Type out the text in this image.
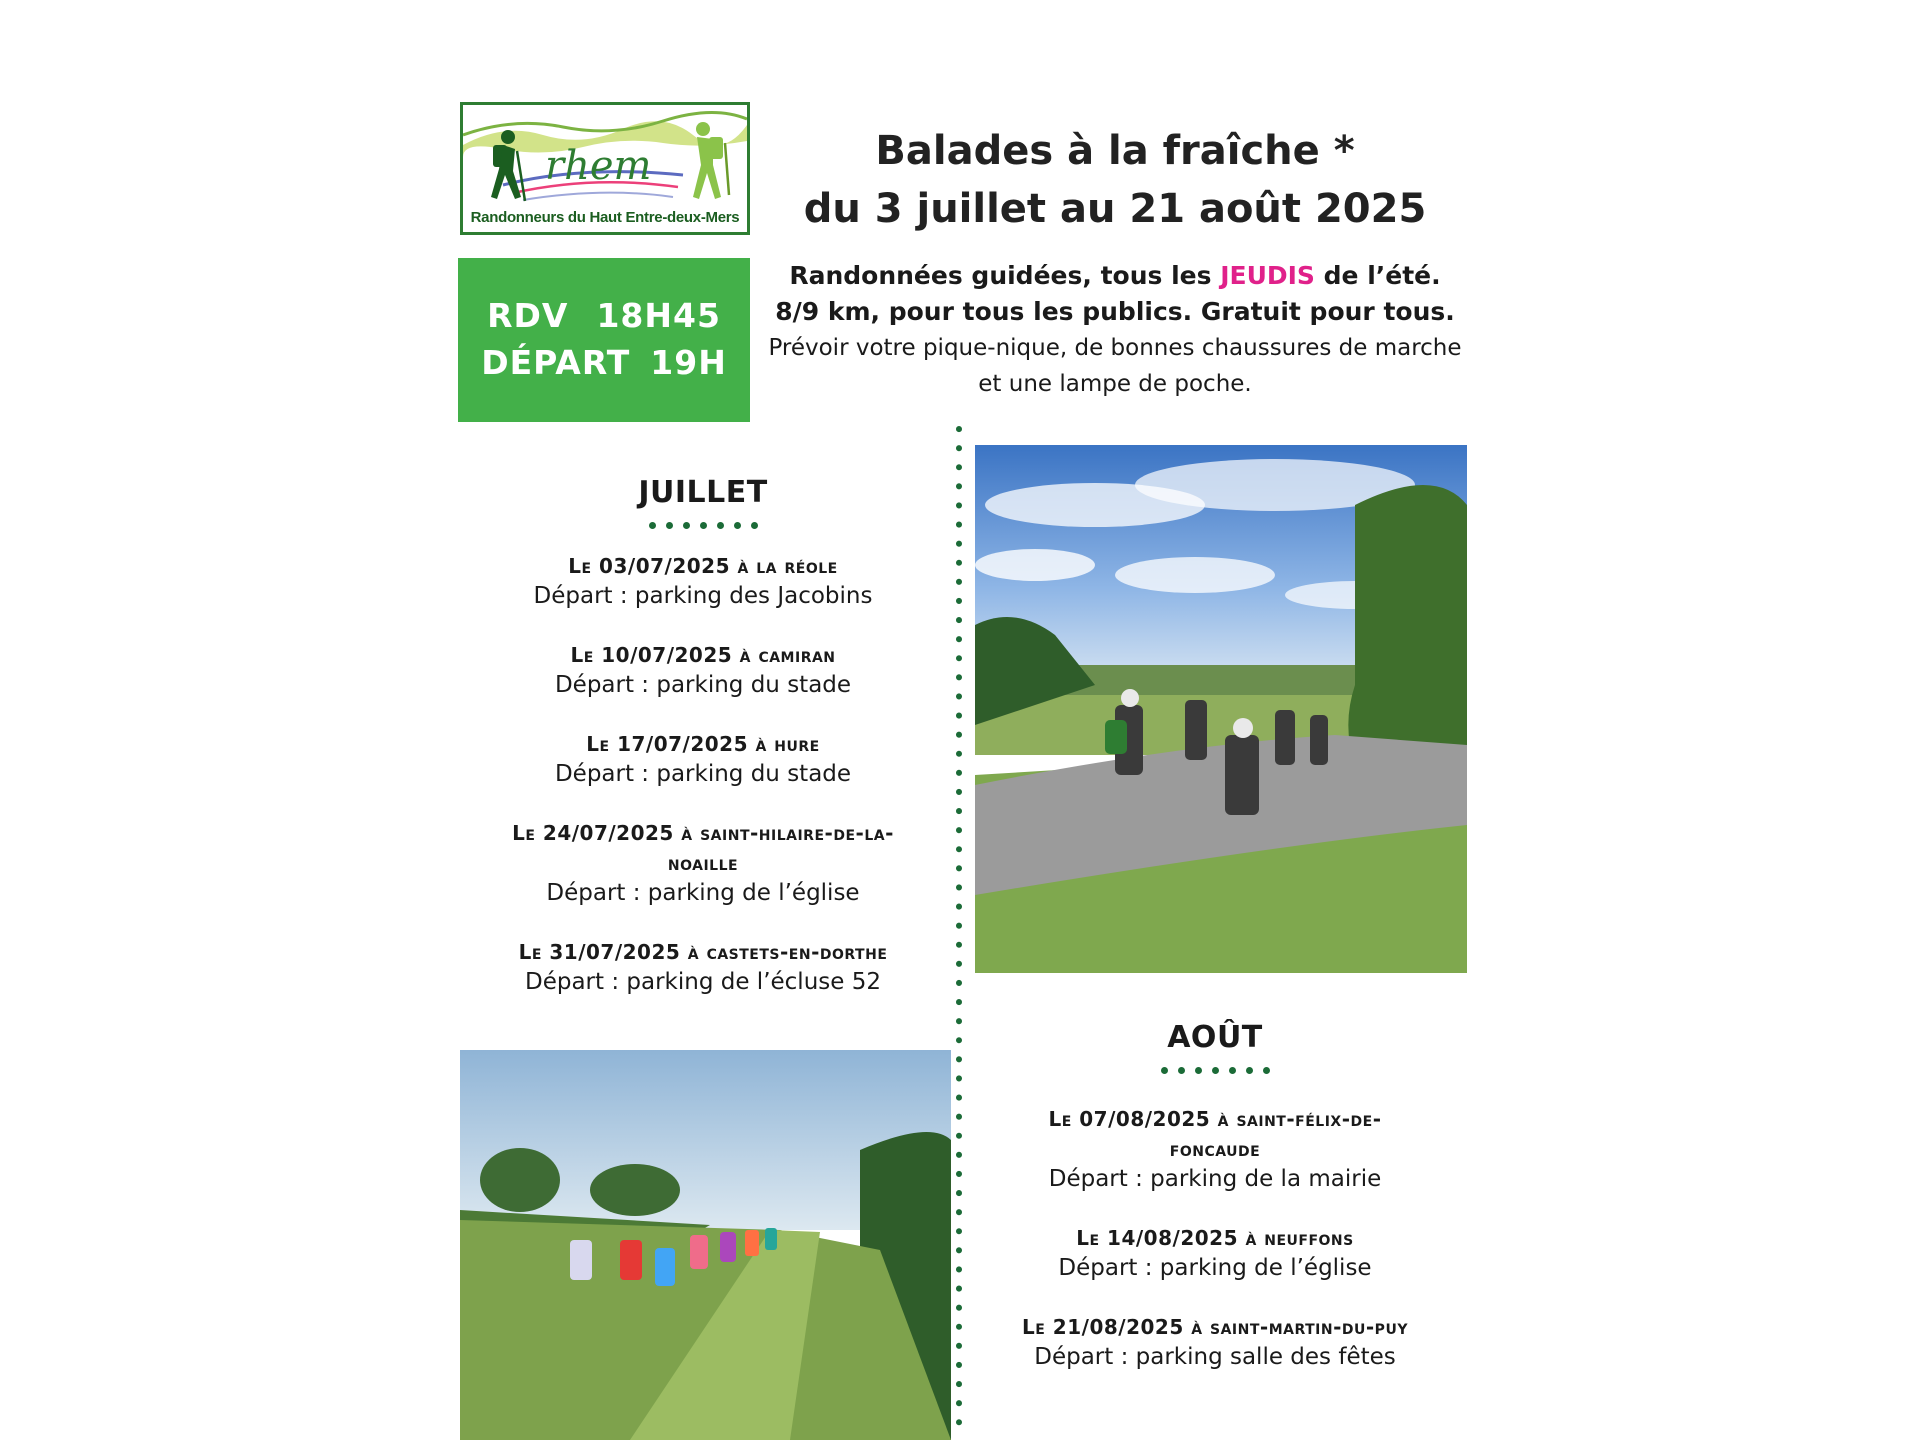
rhem
Randonneurs du Haut Entre-deux-Mers
Balades à la fraîche *
du 3 juillet au 21 août 2025
RDV 18H45
DÉPART 19H
Randonnées guidées, tous les JEUDIS de l’été.
8/9 km, pour tous les publics. Gratuit pour tous.
Prévoir votre pique-nique, de bonnes chaussures de marche
et une lampe de poche.
JUILLET
Le 03/07/2025 à la réole
Départ : parking des Jacobins
Le 10/07/2025 à camiran
Départ : parking du stade
Le 17/07/2025 à hure
Départ : parking du stade
Le 24/07/2025 à saint-hilaire-de-la-noaille
Départ : parking de l’église
Le 31/07/2025 à castets-en-dorthe
Départ : parking de l’écluse 52
AOÛT
Le 07/08/2025 à saint-félix-de-foncaude
Départ : parking de la mairie
Le 14/08/2025 à neuffons
Départ : parking de l’église
Le 21/08/2025 à saint-martin-du-puy
Départ : parking salle des fêtes
